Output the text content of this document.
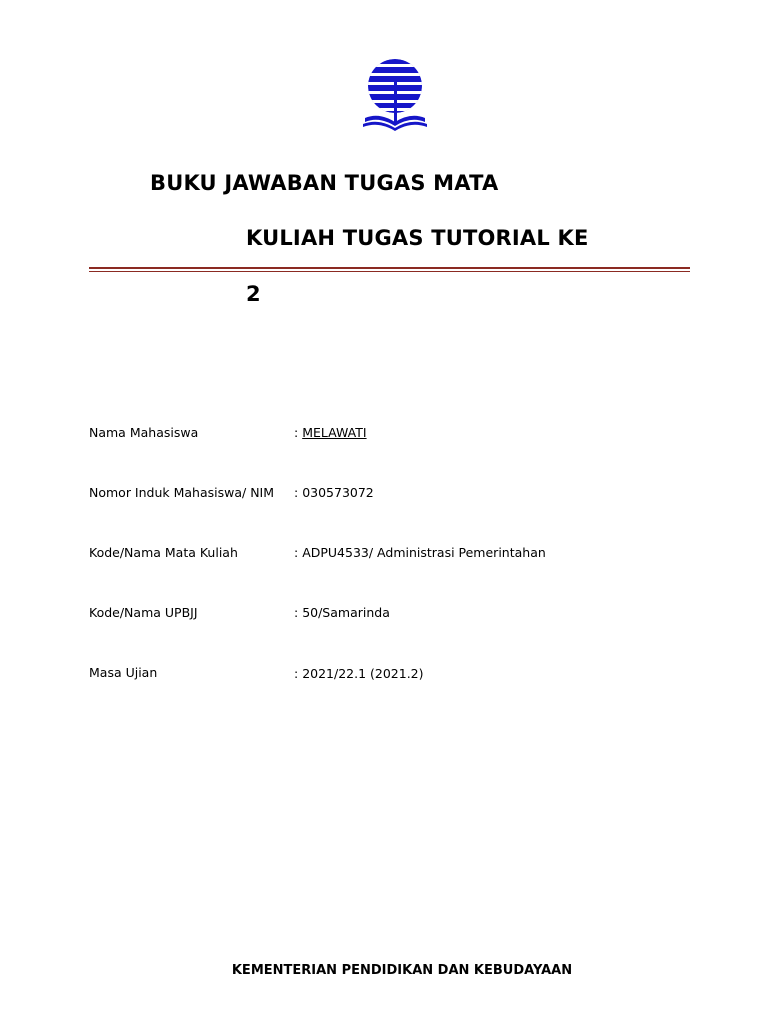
BUKU JAWABAN TUGAS MATA
KULIAH TUGAS TUTORIAL KE
2
Nama Mahasiswa	: MELAWATI
Nomor Induk Mahasiswa/ NIM : 030573072
Kode/Nama Mata Kuliah	: ADPU4533/ Administrasi Pemerintahan
Kode/Nama UPBJJ	: 50/Samarinda
Masa Ujian	: 2021/22.1 (2021.2)
KEMENTERIAN PENDIDIKAN DAN KEBUDAYAAN
